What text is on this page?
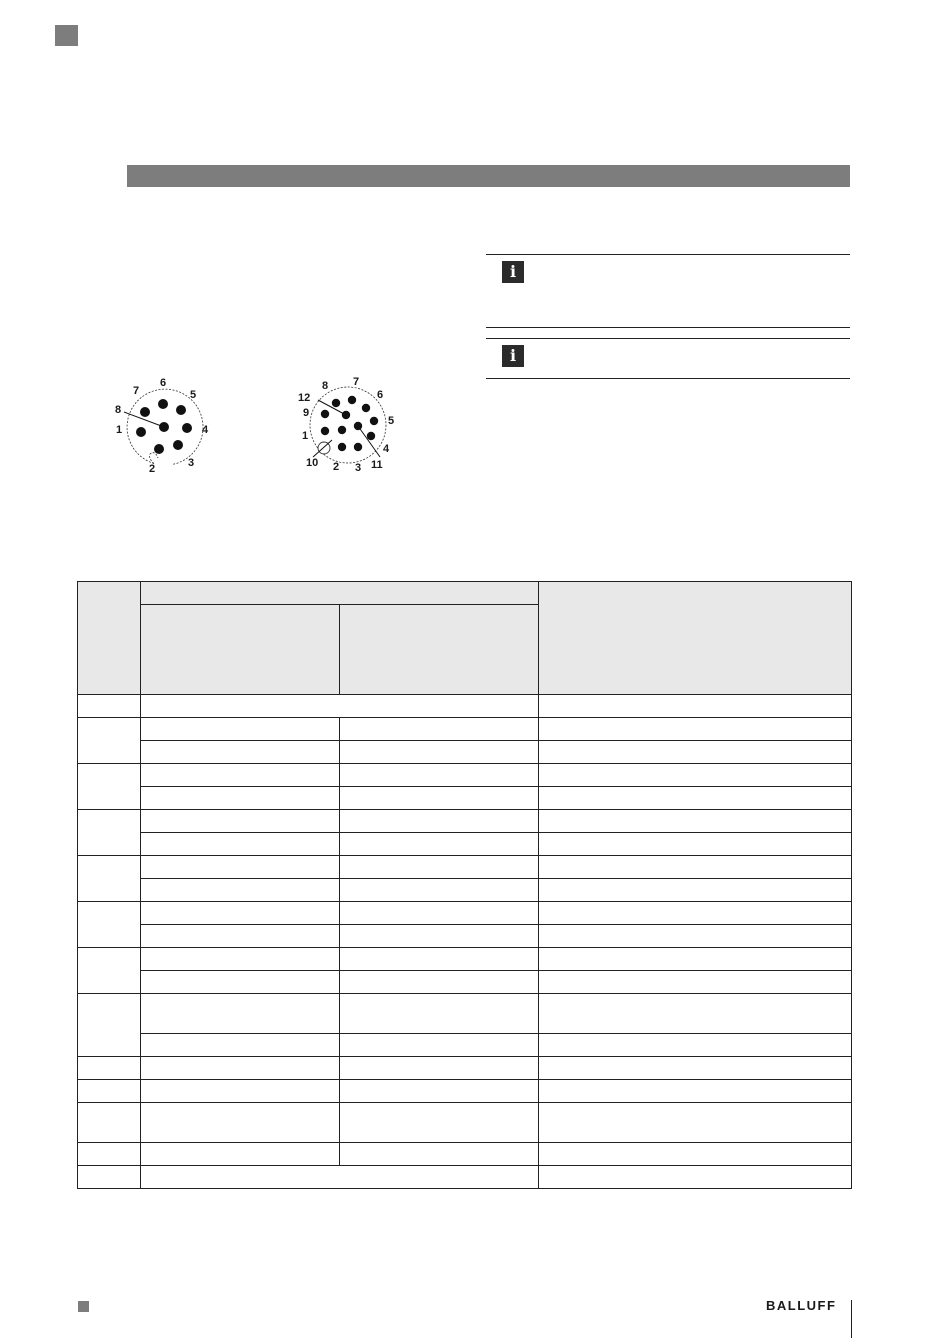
i
i
1
2	3
4
5
6
7
8
1
2 3
4
5
6
7
8
9
10	11
12

BALLUFF
